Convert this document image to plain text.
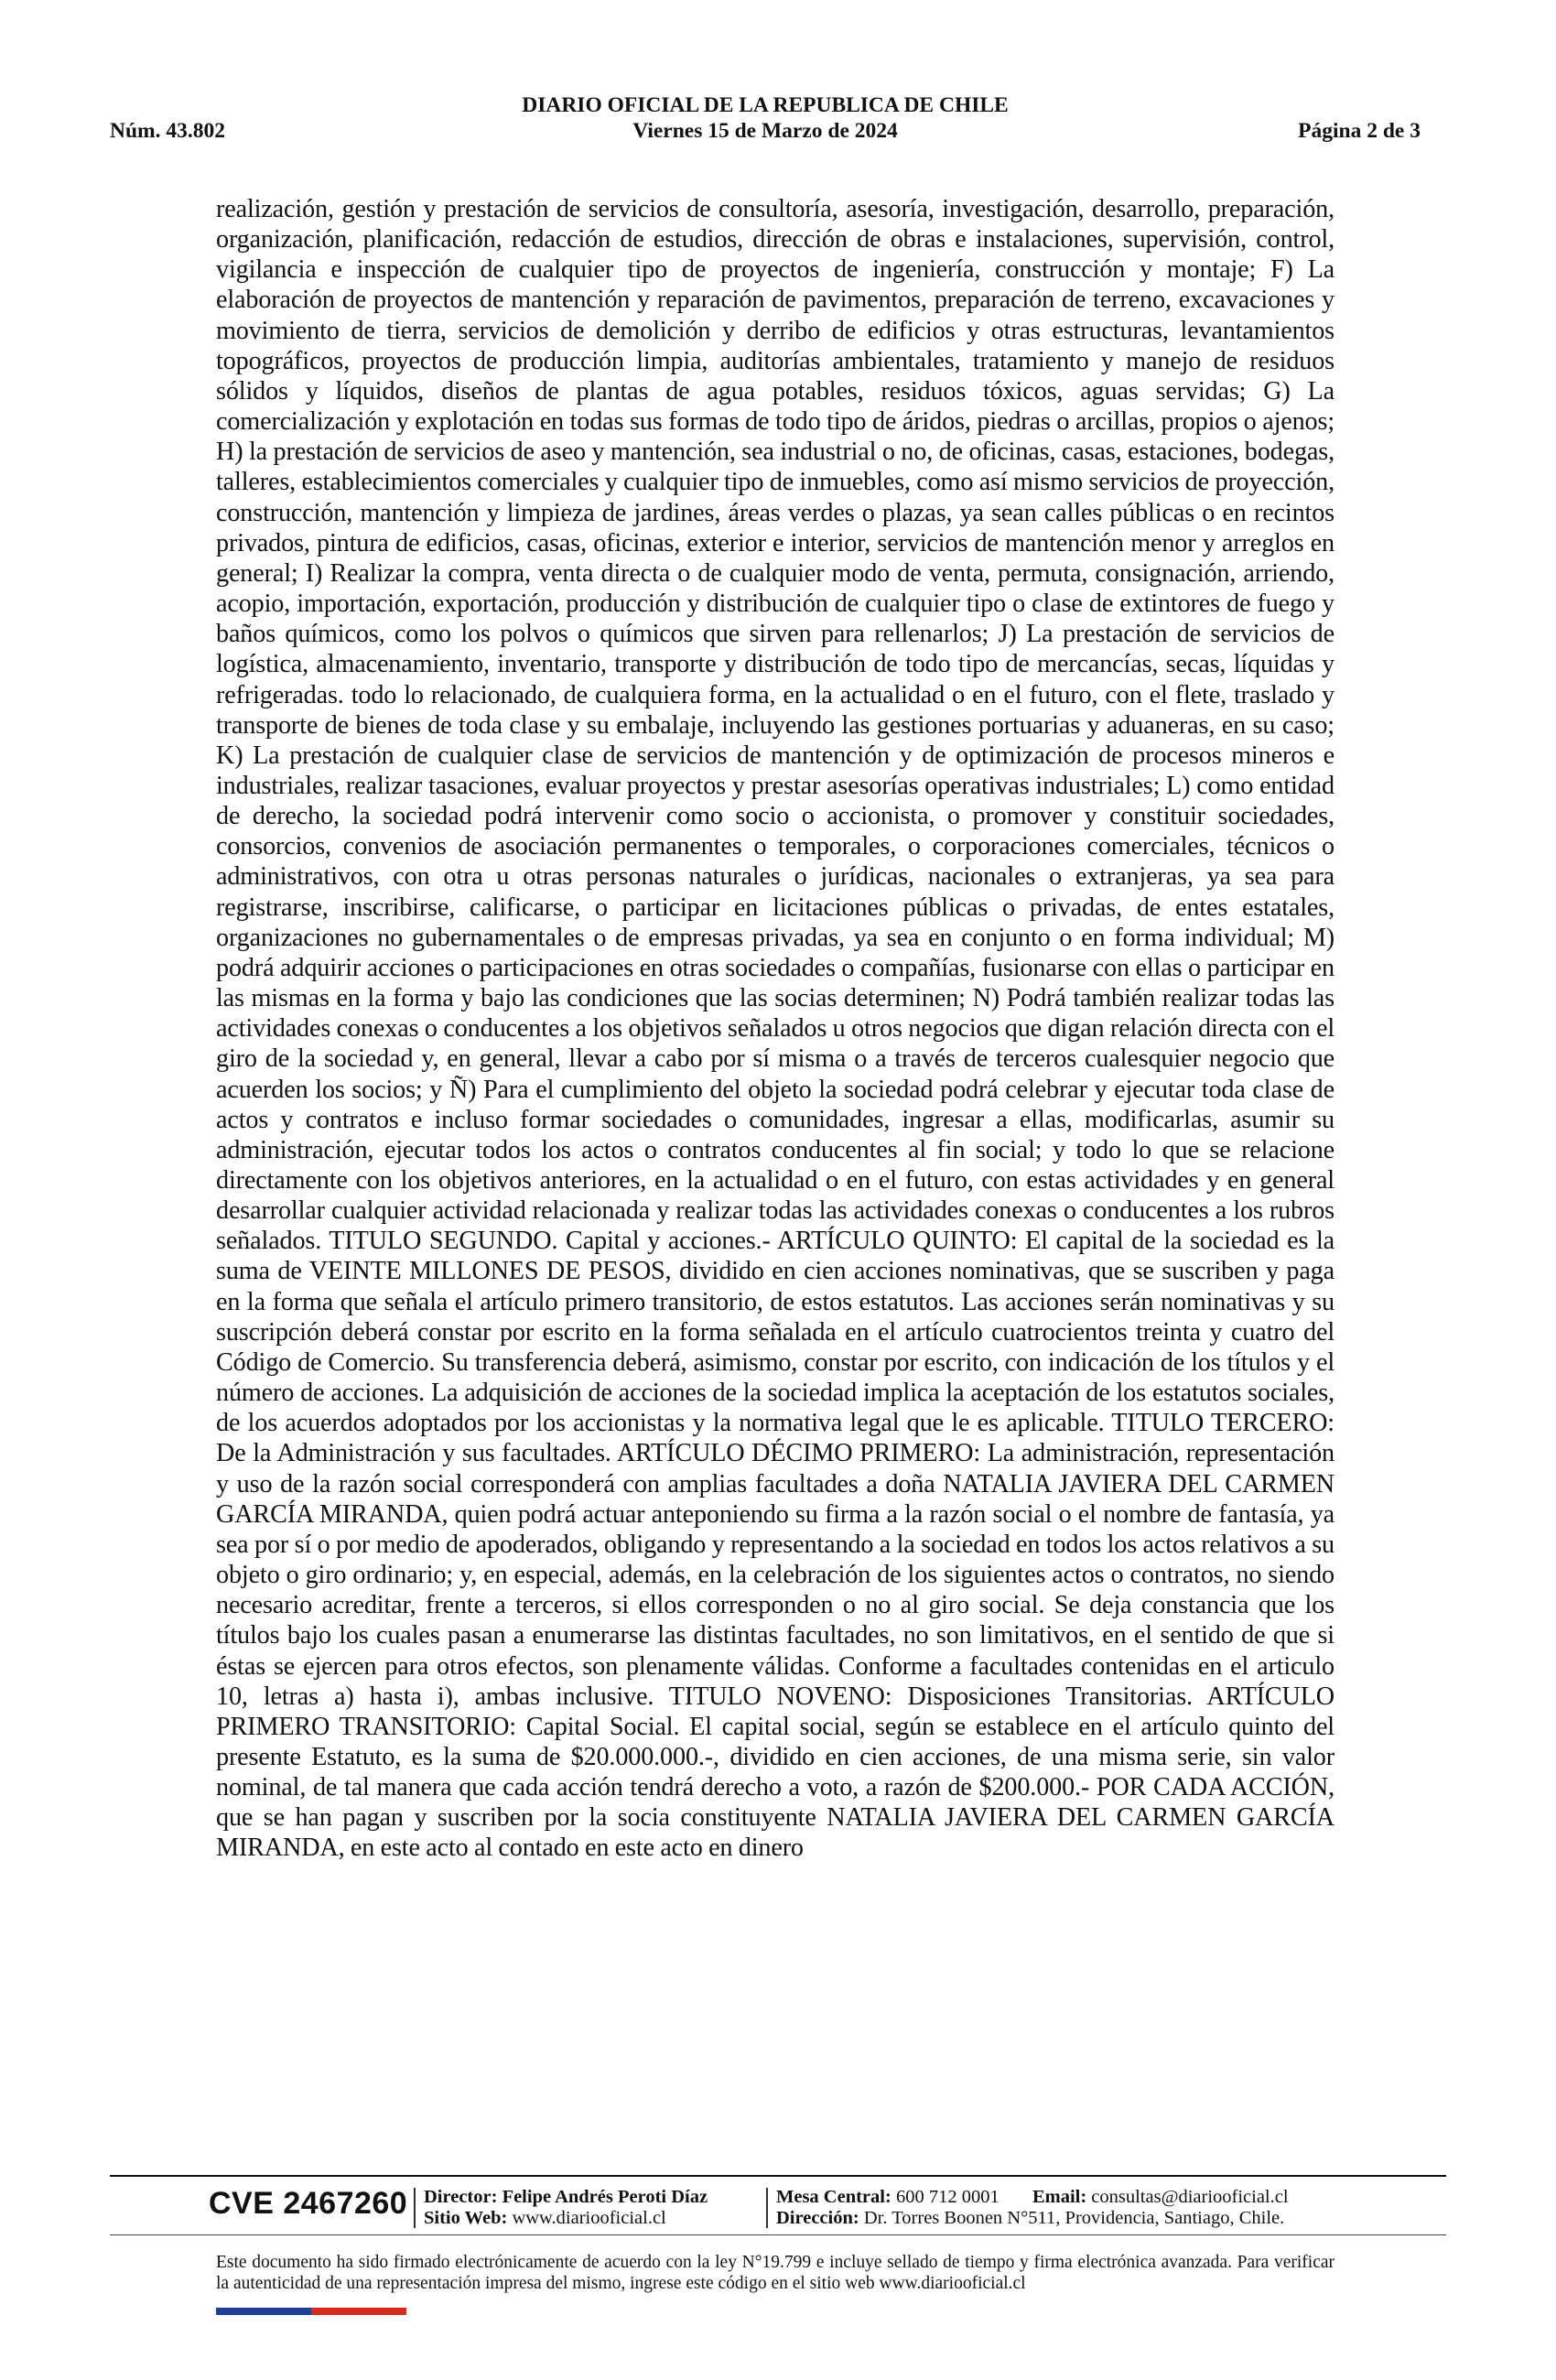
DIARIO OFICIAL DE LA REPUBLICA DE CHILE
Núm. 43.802	Viernes 15 de Marzo de 2024	Página 2 de 3
realización, gestión y prestación de servicios de consultoría, asesoría, investigación, desarrollo, preparación, organización, planificación, redacción de estudios, dirección de obras e instalaciones, supervisión, control, vigilancia e inspección de cualquier tipo de proyectos de ingeniería, construcción y montaje; F) La elaboración de proyectos de mantención y reparación de pavimentos, preparación de terreno, excavaciones y movimiento de tierra, servicios de demolición y derribo de edificios y otras estructuras, levantamientos topográficos, proyectos de producción limpia, auditorías ambientales, tratamiento y manejo de residuos sólidos y líquidos, diseños de plantas de agua potables, residuos tóxicos, aguas servidas; G) La comercialización y explotación en todas sus formas de todo tipo de áridos, piedras o arcillas, propios o ajenos; H) la prestación de servicios de aseo y mantención, sea industrial o no, de oficinas, casas, estaciones, bodegas, talleres, establecimientos comerciales y cualquier tipo de inmuebles, como así mismo servicios de proyección, construcción, mantención y limpieza de jardines, áreas verdes o plazas, ya sean calles públicas o en recintos privados, pintura de edificios, casas, oficinas, exterior e interior, servicios de mantención menor y arreglos en general; I) Realizar la compra, venta directa o de cualquier modo de venta, permuta, consignación, arriendo, acopio, importación, exportación, producción y distribución de cualquier tipo o clase de extintores de fuego y baños químicos, como los polvos o químicos que sirven para rellenarlos; J) La prestación de servicios de logística, almacenamiento, inventario, transporte y distribución de todo tipo de mercancías, secas, líquidas y refrigeradas. todo lo relacionado, de cualquiera forma, en la actualidad o en el futuro, con el flete, traslado y transporte de bienes de toda clase y su embalaje, incluyendo las gestiones portuarias y aduaneras, en su caso; K) La prestación de cualquier clase de servicios de mantención y de optimización de procesos mineros e industriales, realizar tasaciones, evaluar proyectos y prestar asesorías operativas industriales; L) como entidad de derecho, la sociedad podrá intervenir como socio o accionista, o promover y constituir sociedades, consorcios, convenios de asociación permanentes o temporales, o corporaciones comerciales, técnicos o administrativos, con otra u otras personas naturales o jurídicas, nacionales o extranjeras, ya sea para registrarse, inscribirse, calificarse, o participar en licitaciones públicas o privadas, de entes estatales, organizaciones no gubernamentales o de empresas privadas, ya sea en conjunto o en forma individual; M) podrá adquirir acciones o participaciones en otras sociedades o compañías, fusionarse con ellas o participar en las mismas en la forma y bajo las condiciones que las socias determinen; N) Podrá también realizar todas las actividades conexas o conducentes a los objetivos señalados u otros negocios que digan relación directa con el giro de la sociedad y, en general, llevar a cabo por sí misma o a través de terceros cualesquier negocio que acuerden los socios; y Ñ) Para el cumplimiento del objeto la sociedad podrá celebrar y ejecutar toda clase de actos y contratos e incluso formar sociedades o comunidades, ingresar a ellas, modificarlas, asumir su administración, ejecutar todos los actos o contratos conducentes al fin social; y todo lo que se relacione directamente con los objetivos anteriores, en la actualidad o en el futuro, con estas actividades y en general desarrollar cualquier actividad relacionada y realizar todas las actividades conexas o conducentes a los rubros señalados. TITULO SEGUNDO. Capital y acciones.- ARTÍCULO QUINTO: El capital de la sociedad es la suma de VEINTE MILLONES DE PESOS, dividido en cien acciones nominativas, que se suscriben y paga en la forma que señala el artículo primero transitorio, de estos estatutos. Las acciones serán nominativas y su suscripción deberá constar por escrito en la forma señalada en el artículo cuatrocientos treinta y cuatro del Código de Comercio. Su transferencia deberá, asimismo, constar por escrito, con indicación de los títulos y el número de acciones. La adquisición de acciones de la sociedad implica la aceptación de los estatutos sociales, de los acuerdos adoptados por los accionistas y la normativa legal que le es aplicable. TITULO TERCERO: De la Administración y sus facultades. ARTÍCULO DÉCIMO PRIMERO: La administración, representación y uso de la razón social corresponderá con amplias facultades a doña NATALIA JAVIERA DEL CARMEN GARCÍA MIRANDA, quien podrá actuar anteponiendo su firma a la razón social o el nombre de fantasía, ya sea por sí o por medio de apoderados, obligando y representando a la sociedad en todos los actos relativos a su objeto o giro ordinario; y, en especial, además, en la celebración de los siguientes actos o contratos, no siendo necesario acreditar, frente a terceros, si ellos corresponden o no al giro social. Se deja constancia que los títulos bajo los cuales pasan a enumerarse las distintas facultades, no son limitativos, en el sentido de que si éstas se ejercen para otros efectos, son plenamente válidas. Conforme a facultades contenidas en el articulo 10, letras a) hasta i), ambas inclusive. TITULO NOVENO: Disposiciones Transitorias. ARTÍCULO PRIMERO TRANSITORIO: Capital Social. El capital social, según se establece en el artículo quinto del presente Estatuto, es la suma de $20.000.000.-, dividido en cien acciones, de una misma serie, sin valor nominal, de tal manera que cada acción tendrá derecho a voto, a razón de $200.000.- POR CADA ACCIÓN, que se han pagan y suscriben por la socia constituyente NATALIA JAVIERA DEL CARMEN GARCÍA MIRANDA, en este acto al contado en este acto en dinero
CVE 2467260 Director: Felipe Andrés Peroti Díaz
Sitio Web: www.diariooficial.cl
Mesa Central: 600 712 0001 Email: consultas@diariooficial.cl
Dirección: Dr. Torres Boonen N°511, Providencia, Santiago, Chile.
Este documento ha sido firmado electrónicamente de acuerdo con la ley N°19.799 e incluye sellado de tiempo y firma electrónica avanzada. Para verificar la autenticidad de una representación impresa del mismo, ingrese este código en el sitio web www.diariooficial.cl
